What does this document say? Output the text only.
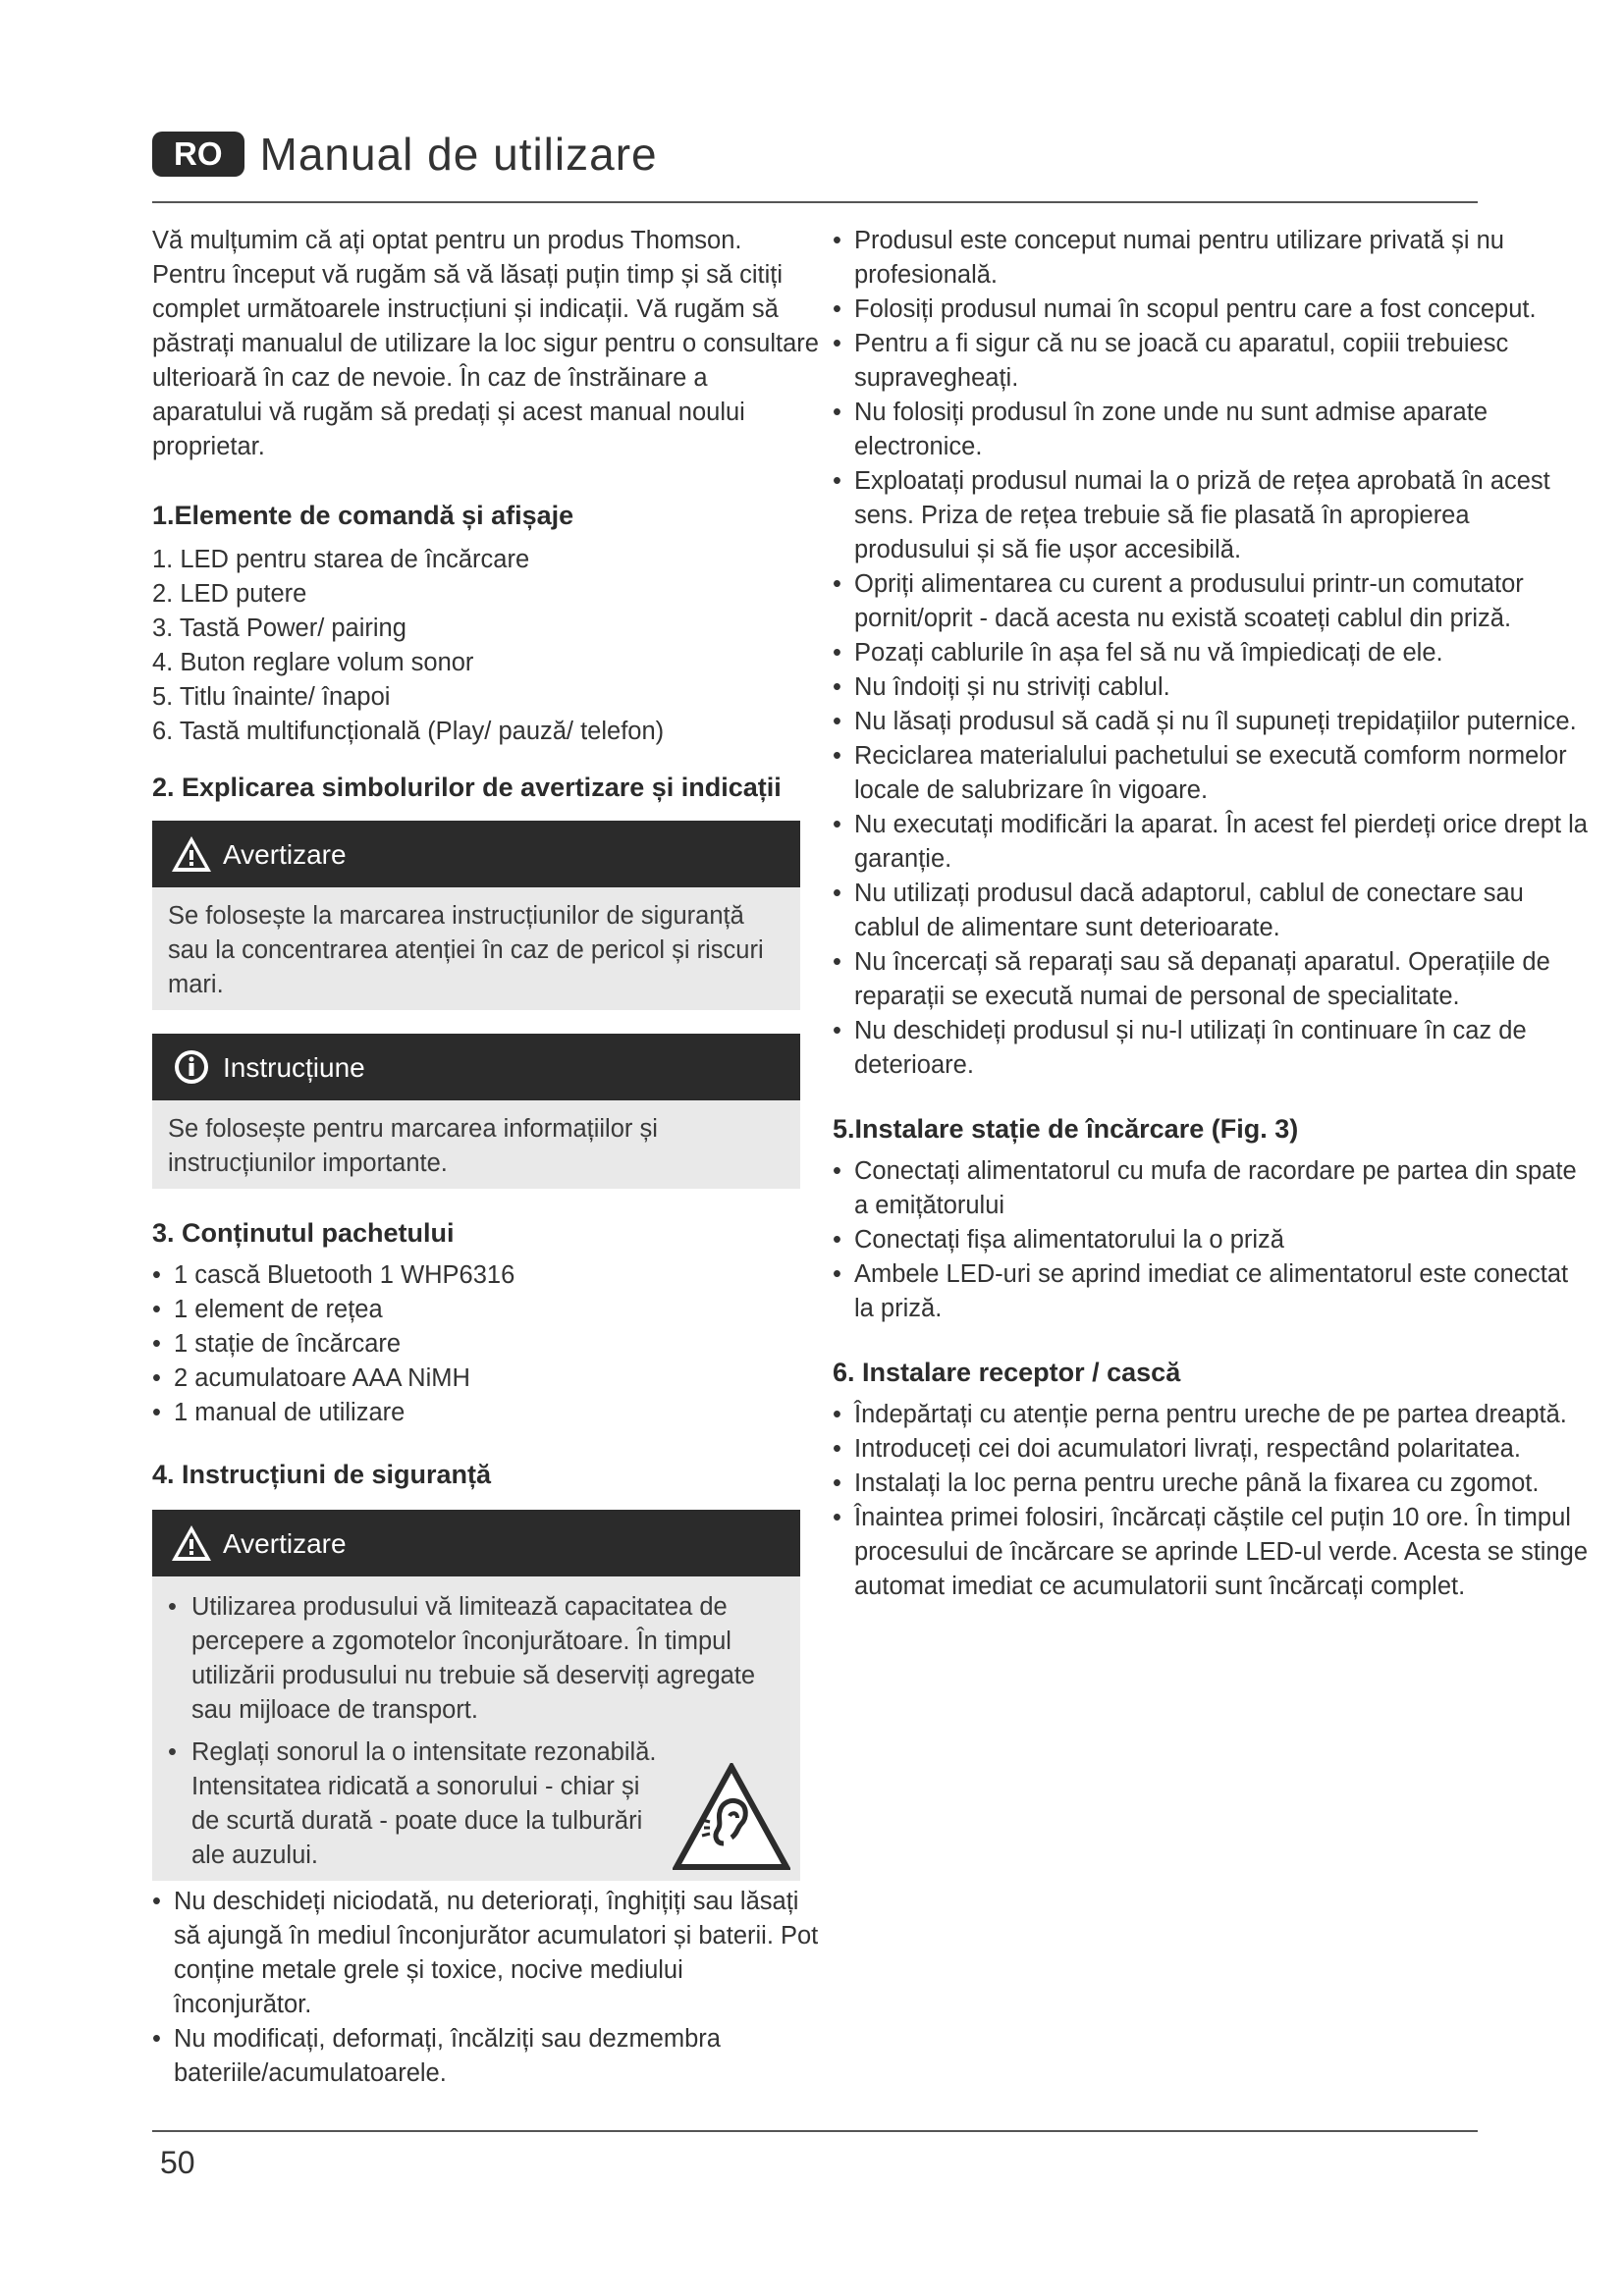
RO Manual de utilizare

Vă mulțumim că ați optat pentru un produs Thomson. Pentru început vă rugăm să vă lăsați puțin timp și să citiți complet următoarele instrucțiuni și indicații. Vă rugăm să păstrați manualul de utilizare la loc sigur pentru o consultare ulterioară în caz de nevoie. În caz de înstrăinare a aparatului vă rugăm să predați și acest manual noului proprietar.

1.Elemente de comandă și afișaje

1. LED pentru starea de încărcare
2. LED putere
3. Tastă Power/ pairing
4. Buton reglare volum sonor
5. Titlu înainte/ înapoi
6. Tastă multifuncțională (Play/ pauză/ telefon)

2. Explicarea simbolurilor de avertizare și indicații

Avertizare
Se folosește la marcarea instrucțiunilor de siguranță sau la concentrarea atenției în caz de pericol și riscuri mari.
Instrucțiune
Se folosește pentru marcarea informațiilor și instrucțiunilor importante.

3. Conținutul pachetului

• 1 cască Bluetooth 1 WHP6316
• 1 element de rețea
• 1 stație de încărcare
• 2 acumulatoare AAA NiMH
• 1 manual de utilizare

4. Instrucțiuni de siguranță

Avertizare
• Utilizarea produsului vă limitează capacitatea de percepere a zgomotelor înconjurătoare. În timpul utilizării produsului nu trebuie să deserviți agregate sau mijloace de transport.
• Reglați sonorul la o intensitate rezonabilă. Intensitatea ridicată a sonorului - chiar și de scurtă durată - poate duce la tulburări ale auzului.
• Nu deschideți niciodată, nu deteriorați, înghițiți sau lăsați să ajungă în mediul înconjurător acumulatori și baterii. Pot conține metale grele și toxice, nocive mediului înconjurător.
• Nu modificați, deformați, încălziți sau dezmembra bateriile/acumulatoarele.
• Produsul este conceput numai pentru utilizare privată și nu profesională.
• Folosiți produsul numai în scopul pentru care a fost conceput.
• Pentru a fi sigur că nu se joacă cu aparatul, copiii trebuiesc supravegheați.
• Nu folosiți produsul în zone unde nu sunt admise aparate electronice.
• Exploatați produsul numai la o priză de rețea aprobată în acest sens. Priza de rețea trebuie să fie plasată în apropierea produsului și să fie ușor accesibilă.
• Opriți alimentarea cu curent a produsului printr-un comutator pornit/oprit - dacă acesta nu există scoateți cablul din priză.
• Pozați cablurile în așa fel să nu vă împiedicați de ele.
• Nu îndoiți și nu striviți cablul.
• Nu lăsați produsul să cadă și nu îl supuneți trepidațiilor puternice.
• Reciclarea materialului pachetului se execută comform normelor locale de salubrizare în vigoare.
• Nu executați modificări la aparat. În acest fel pierdeți orice drept la garanție.
• Nu utilizați produsul dacă adaptorul, cablul de conectare sau cablul de alimentare sunt deterioarate.
• Nu încercați să reparați sau să depanați aparatul. Operațiile de reparații se execută numai de personal de specialitate.
• Nu deschideți produsul și nu-l utilizați în continuare în caz de deterioare.

5.Instalare stație de încărcare (Fig. 3)

• Conectați alimentatorul cu mufa de racordare pe partea din spate a emițătorului
• Conectați fișa alimentatorului la o priză
• Ambele LED-uri se aprind imediat ce alimentatorul este conectat la priză.

6. Instalare receptor / cască

• Îndepărtați cu atenție perna pentru ureche de pe partea dreaptă.
• Introduceți cei doi acumulatori livrați, respectând polaritatea.
• Instalați la loc perna pentru ureche până la fixarea cu zgomot.
• Înaintea primei folosiri, încărcați căștile cel puțin 10 ore. În timpul procesului de încărcare se aprinde LED-ul verde. Acesta se stinge automat imediat ce acumulatorii sunt încărcați complet.
50
